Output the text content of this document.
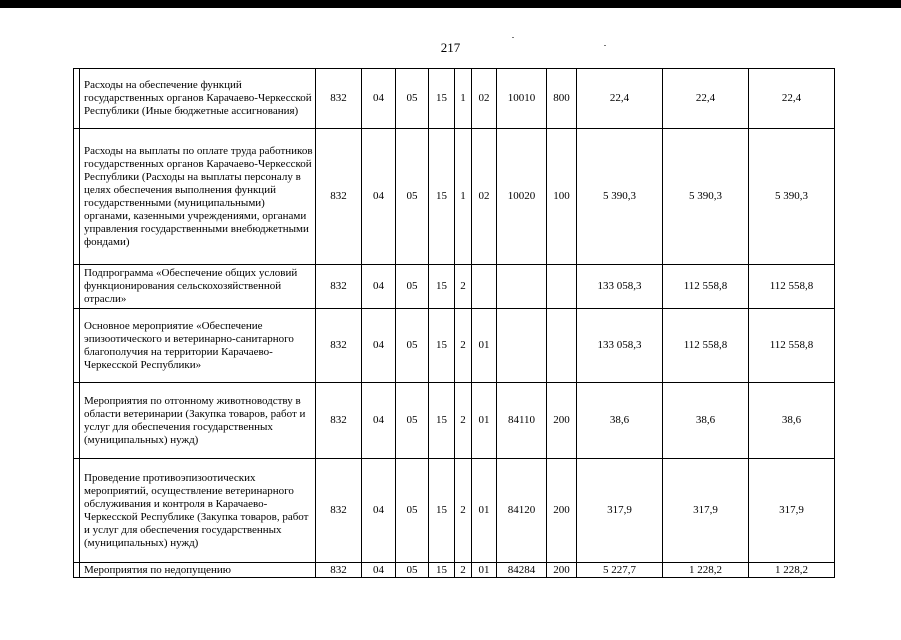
217
	Расходы на обеспечение функций государственных органов Карачаево-Черкесской Республики (Иные бюджетные ассигнования)	832	04	05	15	1	02	10010	800	22,4	22,4	22,4
	Расходы на выплаты по оплате труда работников государственных органов Карачаево-Черкесской Республики (Расходы на выплаты персоналу в целях обеспечения выполнения функций государственными (муниципальными) органами, казенными учреждениями, органами управления государственными внебюджетными фондами)	832	04	05	15	1	02	10020	100	5 390,3	5 390,3	5 390,3
	Подпрограмма «Обеспечение общих условий функционирования сельскохозяйственной отрасли»	832	04	05	15	2				133 058,3	112 558,8	112 558,8
	Основное мероприятие «Обеспечение эпизоотического и ветеринарно-санитарного благополучия на территории Карачаево-Черкесской Республики»	832	04	05	15	2	01			133 058,3	112 558,8	112 558,8
	Мероприятия по отгонному животноводству в области ветеринарии (Закупка товаров, работ и услуг для обеспечения государственных (муниципальных) нужд)	832	04	05	15	2	01	84110	200	38,6	38,6	38,6
	Проведение противоэпизоотических мероприятий, осуществление ветеринарного обслуживания и контроля в Карачаево-Черкесской Республике (Закупка товаров, работ и услуг для обеспечения государственных (муниципальных) нужд)	832	04	05	15	2	01	84120	200	317,9	317,9	317,9
	Мероприятия по недопущению	832	04	05	15	2	01	84284	200	5 227,7	1 228,2	1 228,2
